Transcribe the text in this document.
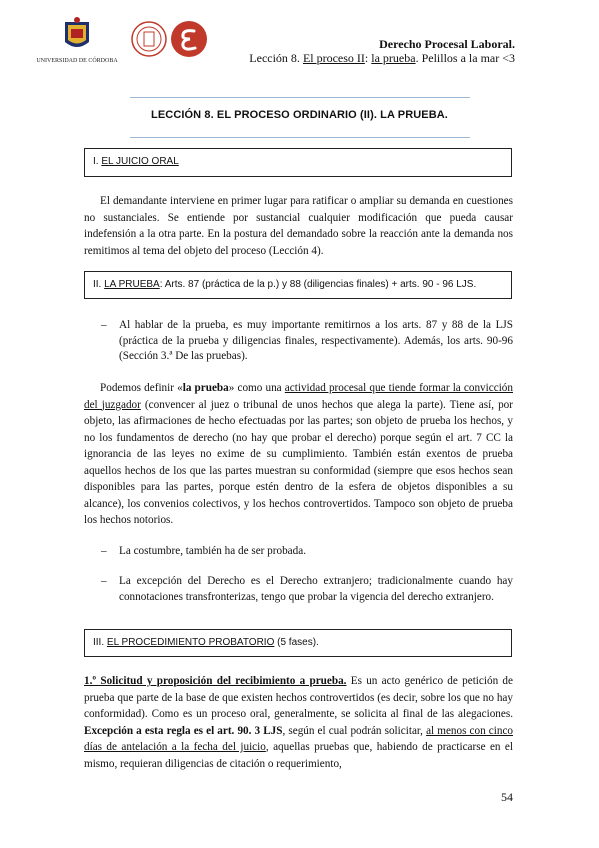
UNIVERSIDAD DE CÓRDOBA
Derecho Procesal Laboral.
Lección 8. El proceso II: la prueba. Pelillos a la mar <3
LECCIÓN 8. EL PROCESO ORDINARIO (II). LA PRUEBA.
I. EL JUICIO ORAL

El demandante interviene en primer lugar para ratificar o ampliar su demanda en cuestiones no sustanciales. Se entiende por sustancial cualquier modificación que pueda causar indefensión a la otra parte. En la postura del demandado sobre la reacción ante la demanda nos remitimos al tema del objeto del proceso (Lección 4).

II. LA PRUEBA: Arts. 87 (práctica de la p.) y 88 (diligencias finales) + arts. 90 - 96 LJS.
– Al hablar de la prueba, es muy importante remitirnos a los arts. 87 y 88 de la LJS (práctica de la prueba y diligencias finales, respectivamente). Además, los arts. 90-96 (Sección 3.ª De las pruebas).

Podemos definir «la prueba» como una actividad procesal que tiende formar la convicción del juzgador (convencer al juez o tribunal de unos hechos que alega la parte). Tiene así, por objeto, las afirmaciones de hecho efectuadas por las partes; son objeto de prueba los hechos, y no los fundamentos de derecho (no hay que probar el derecho) porque según el art. 7 CC la ignorancia de las leyes no exime de su cumplimiento. También están exentos de prueba aquellos hechos de los que las partes muestran su conformidad (siempre que esos hechos sean disponibles para las partes, porque estén dentro de la esfera de objetos disponibles a su alcance), los convenios colectivos, y los hechos controvertidos. Tampoco son objeto de prueba los hechos notorios.

– La costumbre, también ha de ser probada.
– La excepción del Derecho es el Derecho extranjero; tradicionalmente cuando hay connotaciones transfronterizas, tengo que probar la vigencia del derecho extranjero.
III. EL PROCEDIMIENTO PROBATORIO (5 fases).

1.º Solicitud y proposición del recibimiento a prueba. Es un acto genérico de petición de prueba que parte de la base de que existen hechos controvertidos (es decir, sobre los que no hay conformidad). Como es un proceso oral, generalmente, se solicita al final de las alegaciones. Excepción a esta regla es el art. 90. 3 LJS, según el cual podrán solicitar, al menos con cinco días de antelación a la fecha del juicio, aquellas pruebas que, habiendo de practicarse en el mismo, requieran diligencias de citación o requerimiento,

54
